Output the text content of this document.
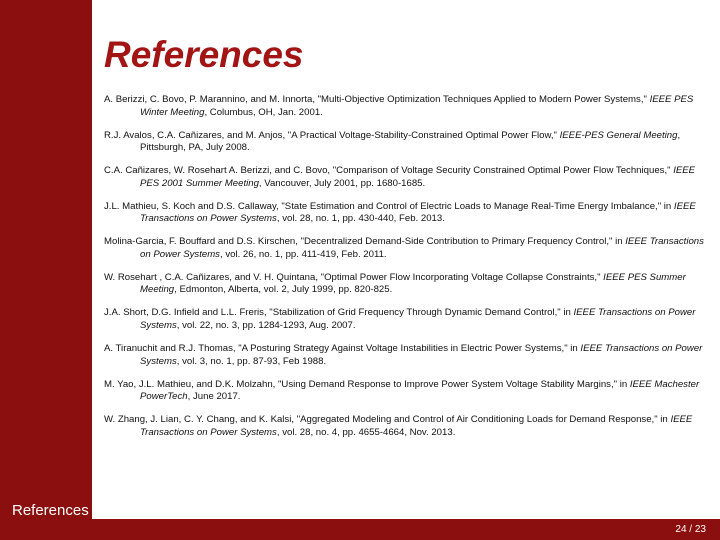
References
A. Berizzi, C. Bovo, P. Marannino, and M. Innorta, "Multi-Objective Optimization Techniques Applied to Modern Power Systems," IEEE PES Winter Meeting, Columbus, OH, Jan. 2001.
R.J. Avalos, C.A. Cañizares, and M. Anjos, "A Practical Voltage-Stability-Constrained Optimal Power Flow," IEEE-PES General Meeting, Pittsburgh, PA, July 2008.
C.A. Cañizares, W. Rosehart A. Berizzi, and C. Bovo, "Comparison of Voltage Security Constrained Optimal Power Flow Techniques," IEEE PES 2001 Summer Meeting, Vancouver, July 2001, pp. 1680-1685.
J.L. Mathieu, S. Koch and D.S. Callaway, "State Estimation and Control of Electric Loads to Manage Real-Time Energy Imbalance," in IEEE Transactions on Power Systems, vol. 28, no. 1, pp. 430-440, Feb. 2013.
Molina-Garcia, F. Bouffard and D.S. Kirschen, "Decentralized Demand-Side Contribution to Primary Frequency Control," in IEEE Transactions on Power Systems, vol. 26, no. 1, pp. 411-419, Feb. 2011.
W. Rosehart , C.A. Cañizares, and V. H. Quintana, "Optimal Power Flow Incorporating Voltage Collapse Constraints," IEEE PES Summer Meeting, Edmonton, Alberta, vol. 2, July 1999, pp. 820-825.
J.A. Short, D.G. Infield and L.L. Freris, "Stabilization of Grid Frequency Through Dynamic Demand Control," in IEEE Transactions on Power Systems, vol. 22, no. 3, pp. 1284-1293, Aug. 2007.
A. Tiranuchit and R.J. Thomas, "A Posturing Strategy Against Voltage Instabilities in Electric Power Systems," in IEEE Transactions on Power Systems, vol. 3, no. 1, pp. 87-93, Feb 1988.
M. Yao, J.L. Mathieu, and D.K. Molzahn, "Using Demand Response to Improve Power System Voltage Stability Margins," in IEEE Machester PowerTech, June 2017.
W. Zhang, J. Lian, C. Y. Chang, and K. Kalsi, "Aggregated Modeling and Control of Air Conditioning Loads for Demand Response," in IEEE Transactions on Power Systems, vol. 28, no. 4, pp. 4655-4664, Nov. 2013.
References
24 / 23
